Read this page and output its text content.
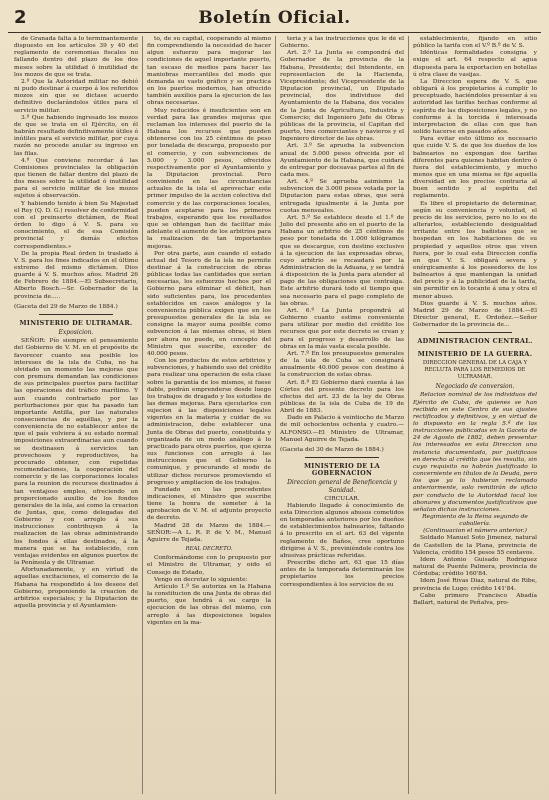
2	Boletín Oficial.

de Granada falta á lo terminantemente dispuesto en los artículos 39 y 40 del reglamento de ceremonias fiscales no fallando dentro del plazo de los dos meses sobre la utilidad ó inutilidad de los mozos de que se trata.

2.º Que la Autoridad militar no debió ni pudo destinar á cuerpo á los referidos mozos sin que se dictase acuerdo definitivo declarándolos útiles para el servicio militar.

3.º Que habiendo ingresado los mozos de que se trata en el Ejército, en él habrán resultado definitivamente útiles ó inútiles para el servicio militar, por cuya razón no procede anular su ingreso en las filas.

4.º Que conviene recordar á las Comisiones provinciales la obligación que tienen de fallar dentro del plazo de dos meses sobre la utilidad ó inutilidad para el servicio militar de los mozos sujetos á observación.

Y habiendo tenido á bien Su Majestad el Rey (Q. D. G.) resolver de conformidad con el preinserto dictámen, de Real órden lo digo á V. S. para su conocimiento, el de esa Comisión provincial y demás efectos correspondientes.»

De la propia Real órden lo traslado á V. S. para los fines indicados en el último extremo del mismo dictámen. Dios guarde á V. S. muchos años. Madrid 26 de Febrero de 1884.—El Subsecretario, Alberto Bosch.—Sr. Gobernador de la provincia de.....

(Gaceta del 29 de Marzo de 1884.)

MINISTERIO DE ULTRAMAR.

Exposicion.

SEÑOR: Pío siempre el pensamiento del Gobierno de V. M. en el propósito de favorecer cuanto sea posible los intereses de la isla de Cuba, no ha olvidado un momento las mejoras que con premura demandan las condiciones de sus principales puertos para facilitar las operaciones del tráfico marítimo. Y aun cuando contrariado por las perturbaciones por que ha pasado tan importante Antilla, por las naturales consecuencias de aquéllas, y por la conveniencia de no establecer antes de que el país volviera á su estado normal imposiciones extraordinarias aun cuando se destinasen á servicios tan provechosos y reproductivos, ha procurado obtener, con repetidas recomendaciones, la cooperación del comercio y de las corporaciones locales para la reunion de recursos destinados á tan ventajoso empleo, ofreciendo un proporcionado auxilio de los fondos generales de la isla, así como la creacion de Juntas, que, como delegadas del Gobierno y con arreglo á sus instrucciones contribuyen á la realizacion de las obras administrando los fondos á ellas destinados, á la manera que se ha establecido, con ventajas evidentes en algunos puertos de la Península y de Ultramar.

Afortunadamente, y en virtud de aquellas excitaciones, el comercio de la Habana ha respondido á los deseos del Gobierno, proponiendo la creacion de arbitrios especiales; y la Diputacion de aquella provincia y el Ayuntamien-

to, de su capital, cooperando al mismo fin comprendiendo la necesidad de hacer algun esfuerzo para mejorar las condiciones de aquel importante puerto, tan escaso de medios para hacer las maniobras mercantiles del modo que demanda su vasto gráfico y se practica en los puertos modernos, han ofrecido también auxilios para la ejecucion de las obras necesarias.

Muy reducidos é insuficientes son en verdad para las grandes mejoras que reclaman los intereses del puerto de la Habana los recursos que pueden obtenerse con los 25 céntimos de peso por tonelada de descarga, propuesto por el comercio, y con subvenciones de 5.000 y 3.000 pesos, ofrecidos respectivamente por el Ayuntamiento y la Diputacion provincial. Pero conviniendo en las circunstancias actuales de la isla el aprovechar este primer impulso de la accion colectiva del comercio y de las corporaciones locales, pueden aceptarse para los primeros trabajos, esperando que los resultados que se obtengan han de facilitar más adelante el aumento de los arbitrios para la realizacion de tan importantes mejoras.

Por otra parte, aun cuando el estado actual del Tesoro de la isla no permite destinar á la construccion de obras públicas todas las cantidades que serian necesarias, los esfuerzos hechos por el Gobierno para eliminar el déficit, han sido suficientes para, los procedentes establecidos en casos análogos y la conveniencia pública exigen que en los presupuestos generales de la isla se consigne la mayor suma posible como subvencion á las mismas obras, si bien por ahora no puede, en concepto del Ministro que suscribe, exceder de 40.000 pesos.

Con los productos de estos arbitrios y subvenciones, y habiendo uso del crédito para realizar una operacion de esta clase sobre la garantía de los mismos, si fuese dable, podrán emprenderse desde luego los trabajos de dragado y los estudios de las demas mejoras. Para ejecutarlos con sujecion á las disposiciones legales vigentes en la materia y cuidar de su administracion, debe establecer una Junta de Obras del puerto, constituida y organizada de un modo análogo á lo practicado para otros puertos, que ejerza sus funciones con arreglo á las instrucciones que el Gobierno la comunique, y procurando el modo de utilizar dichos recursos promoviendo el progreso y ampliacion de los trabajos.

Fundado en las precedentes indicaciones, el Ministro que suscribe tiene la honra de someter á la aprobacion de V. M. el adjunto proyecto de decreto.

Madrid 28 de Marzo de 1884.— SEÑOR:—A L. R. P. de V. M., Manuel Aguirre de Tejada.

REAL DECRETO.

Conformándome con lo propuesto por el Ministro de Ultramar, y oido el Consejo de Estado,

Vengo en decretar lo siguiente:

Artículo 1.º Se autoriza en la Habana la constitucion de una Junta de obras del puerto, que tendrá á su cargo la ejecucion de las obras del mismo, con arreglo á las disposiciones legales vigentes en la ma-

teria y á las instrucciones que le dé el Gobierno.

Art. 2.º La Junta se compondrá del Gobernador de la provincia de la Habana, Presidente; del Intendente, en representacion de la Hacienda, Vicepresidente; del Vicepresidente de la Diputacion provincial, un Diputado provincial, dos individuos del Ayuntamiento de la Habana, dos vocales de la Junta de Agricultura, Industria y Comercio; del Ingeniero Jefe de Obras públicas de la provincia, el Capitan del puerto, tres comerciantes y navieros y el Ingeniero director de las obras.

Art. 3.º Se aprueba la subvencion anual de 5.000 pesos ofrecida por el Ayuntamiento de la Habana, que cuidará de entregar por doceavas partes al fin de cada mes.

Art. 4.º Se aprueba asimismo la subvencion de 3.000 pesos votada por la Diputacion para estas obras, que será entregada igualmente á la Junta por cuotas mensuales.

Art. 5.º Se establece desde el 1.º de Julio del presente año en el puerto de la Habana un arbitrio de 25 céntimos de peso por tonelada de 1.000 kilógramos que se descargue, con destino exclusivo á la ejecucion de las expresadas obras, cuyo arbitrio se recaudará por la Administracion de la Aduana, y se tendrá á disposicion de la Junta para atender al pago de las obligaciones que contraiga. Este arbitrio durará todo el tiempo que sea necesario para el pago completo de las obras.

Art. 6.º La Junta propondrá al Gobierno cuanto estime conveniente para utilizar por medio del crédito los recursos que por este decreto se crean y para el progreso y desarrollo de las obras en la más vasta escala posible.

Art. 7.º En los presupuestos generales de la isla de Cuba se consignará anualmente 40.000 pesos con destino á la construccion de estas obras.

Art. 8.º El Gobierno dará cuenta á las Córtes del presente decreto para los efectos del art. 23 de la ley de Obras públicas de la isla de Cuba de 19 de Abril de 1883.

Dado en Palacio á veintiocho de Marzo de mil ochocientos ochenta y cuatro.—ALFONSO.—El Ministro de Ultramar, Manuel Aguirre de Tejada.

(Gaceta del 30 de Marzo de 1884.)

MINISTERIO DE LA GOBERNACION

Direccion general de Beneficencia y Sanidad.

CIRCULAR.

Habiendo llegado á conocimiento de esta Direccion algunos abusos cometidos en temporadas anteriores por los dueños de establecimientos balnearios, faltando á lo prescrito en el art. 63 del vigente reglamento de Baños, cree oportuno dirigirse á V. S., previniéndole contra los abusivas prácticas referidas.

Prescribe dicho art. 63 que 15 días antes de la temporada determinarán los propietarios los precios correspondientes á los servicios de su

establecimiento, fijando en sitio público la tarifa con el V.º B.º de V. S.

Idénticas formalidades consigna y exige el art. 64 respecto al agua dispuesta para la exportacion en botellas ú otra clase de vasijas.

La Direccion espera de V. S. que obligará á los propietarios á cumplir lo preceptuado, haciéndoles presentar á su autoridad las tarifas hechas conforme al espíritu de las disposiciones legales, y no conforme á la torcida é interesada interpretacion de ellas con que han solido hacerse en pasados años.

Para evitar esto último es necesario que cuide V. S. de que los dueños de los balnearios no expongan dos tarifas diferentes para quienes habitan dentro ó fuera del establecimiento, y mucho menos que en una misma se fije aquella diversidad en los precios contraria al buen sentido y al espíritu del reglamento.

Es libre el propietario de determinar, según su conveniencia y voluntad, el precio de los servicios, pero no lo es de alterarlos, estableciendo desigualdad irritante entre los bañistas que se hospedan en los habitaciones de su propiedad y aquellos otros que viven fuera, por lo cual esta Direccion confía en que V. S. obligará severa y enérgicamente á los poseedores de los balnearios á que mantengan la unidad del precio y á la publicidad de la tarifa, sin permitir en lo tocante á una y otra el menor abuso.

Dios guarde á V. S. muchos años. Madrid 29 de Marzo de 1884.—El Director general, E. Ordoñez.—Señor Gobernador de la provincia de...

ADMINISTRACION CENTRAL.

MINISTERIO DE LA GUERRA.

DIRECCION GENERAL DE LA CAJA Y RECLUTA PARA LOS REMEDIOS DE ULTRAMAR.

Negociado de conversion.

Relacion nominal de los individuos del Ejército de Cuba, de quienes se han recibido en este Centro de sus ajustes rectificados y definitivos, y en virtud de lo dispuesto en la regla 5.ª de las instrucciones publicadas en la Gaceta de 24 de Agosto de 1882, deben presentar los interesados en esta Direccion una instancia documentada, por justificaos en derecho al crédito que les resulta, sin cuyo requisito no habrán justificado lo concerniente en títulos de la Deuda, pero los que ya lo hubieran reclamado anteriormente, solo remitirán de oficio por conducto de la Autoridad local los abonares y documentos justificativos que señalan dichas instrucciones.

Regimiento de la Reina segundo de caballería.

(Continuacion el número anterior.)

Soldado Manuel Soto Jimenez, natural de Castellon de la Plana, provincia de Valencia, crédito 154 pesos 55 centavos.

Idem Antonio Guisado Rodriguez natural de Puente Palmera, provincia de Córdoba; crédito 160'84.

Idem José Rivas Diaz, natural de Ribe, provincia de Lugo; crédito 141'84.

Cabo primero Francisco Abadía Ballart, natural de Peñalva, pro-
